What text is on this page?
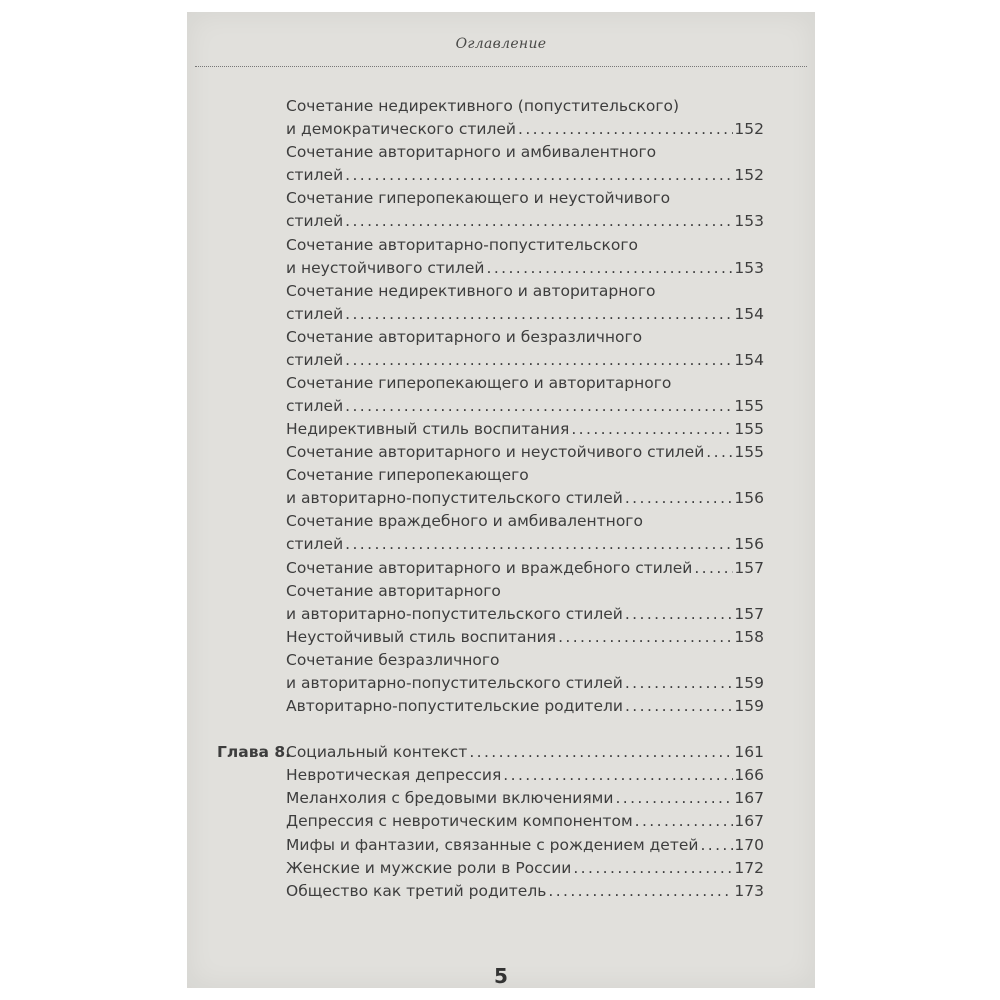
Оглавление
Сочетание недирективного (попустительского)
и демократического стилей .....	152
Сочетание авторитарного и амбивалентного
стилей .....	152
Сочетание гиперопекающего и неустойчивого
стилей .....	153
Сочетание авторитарно-попустительского
и неустойчивого стилей .....	153
Сочетание недирективного и авторитарного
стилей .....	154
Сочетание авторитарного и безразличного
стилей .....	154
Сочетание гиперопекающего и авторитарного
стилей .....	155
Недирективный стиль воспитания .....	155
Сочетание авторитарного и неустойчивого стилей ..... 155
Сочетание гиперопекающего
и авторитарно-попустительского стилей .....	156
Сочетание враждебного и амбивалентного
стилей .....	156
Сочетание авторитарного и враждебного стилей .....	157
Сочетание авторитарного
и авторитарно-попустительского стилей .....	157
Неустойчивый стиль воспитания .....	158
Сочетание безразличного
и авторитарно-попустительского стилей .....	159
Авторитарно-попустительские родители .....	159
Глава 8.
Социальный контекст .....	161
Невротическая депрессия .....	166
Меланхолия с бредовыми включениями .....	167
Депрессия с невротическим компонентом .....	167
Мифы и фантазии, связанные с рождением детей ..... 170
Женские и мужские роли в России .....	172
Общество как третий родитель .....	173
5
